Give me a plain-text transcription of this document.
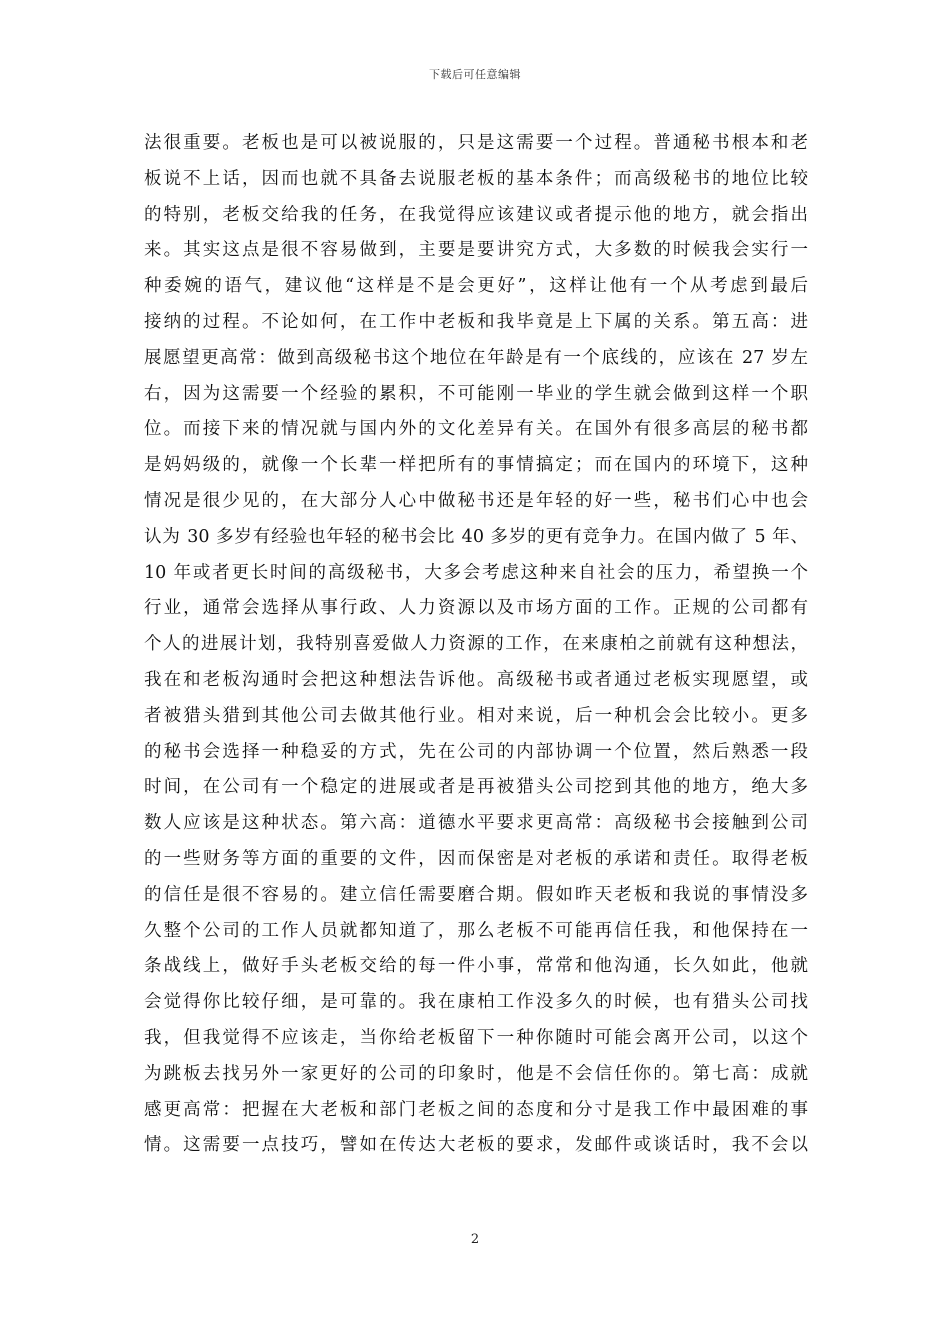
下载后可任意编辑
法很重要。老板也是可以被说服的，只是这需要一个过程。普通秘书根本和老
板说不上话，因而也就不具备去说服老板的基本条件；而高级秘书的地位比较
的特别，老板交给我的任务，在我觉得应该建议或者提示他的地方，就会指出
来。其实这点是很不容易做到，主要是要讲究方式，大多数的时候我会实行一
种委婉的语气，建议他“这样是不是会更好”，这样让他有一个从考虑到最后
接纳的过程。不论如何，在工作中老板和我毕竟是上下属的关系。第五高：进
展愿望更高常：做到高级秘书这个地位在年龄是有一个底线的，应该在 27 岁左
右，因为这需要一个经验的累积，不可能刚一毕业的学生就会做到这样一个职
位。而接下来的情况就与国内外的文化差异有关。在国外有很多高层的秘书都
是妈妈级的，就像一个长辈一样把所有的事情搞定；而在国内的环境下，这种
情况是很少见的，在大部分人心中做秘书还是年轻的好一些，秘书们心中也会
认为 30 多岁有经验也年轻的秘书会比 40 多岁的更有竞争力。在国内做了 5 年、
10 年或者更长时间的高级秘书，大多会考虑这种来自社会的压力，希望换一个
行业，通常会选择从事行政、人力资源以及市场方面的工作。正规的公司都有
个人的进展计划，我特别喜爱做人力资源的工作，在来康柏之前就有这种想法，
我在和老板沟通时会把这种想法告诉他。高级秘书或者通过老板实现愿望，或
者被猎头猎到其他公司去做其他行业。相对来说，后一种机会会比较小。更多
的秘书会选择一种稳妥的方式，先在公司的内部协调一个位置，然后熟悉一段
时间，在公司有一个稳定的进展或者是再被猎头公司挖到其他的地方，绝大多
数人应该是这种状态。第六高：道德水平要求更高常：高级秘书会接触到公司
的一些财务等方面的重要的文件，因而保密是对老板的承诺和责任。取得老板
的信任是很不容易的。建立信任需要磨合期。假如昨天老板和我说的事情没多
久整个公司的工作人员就都知道了，那么老板不可能再信任我，和他保持在一
条战线上，做好手头老板交给的每一件小事，常常和他沟通，长久如此，他就
会觉得你比较仔细，是可靠的。我在康柏工作没多久的时候，也有猎头公司找
我，但我觉得不应该走，当你给老板留下一种你随时可能会离开公司，以这个
为跳板去找另外一家更好的公司的印象时，他是不会信任你的。第七高：成就
感更高常：把握在大老板和部门老板之间的态度和分寸是我工作中最困难的事
情。这需要一点技巧，譬如在传达大老板的要求，发邮件或谈话时，我不会以
2
